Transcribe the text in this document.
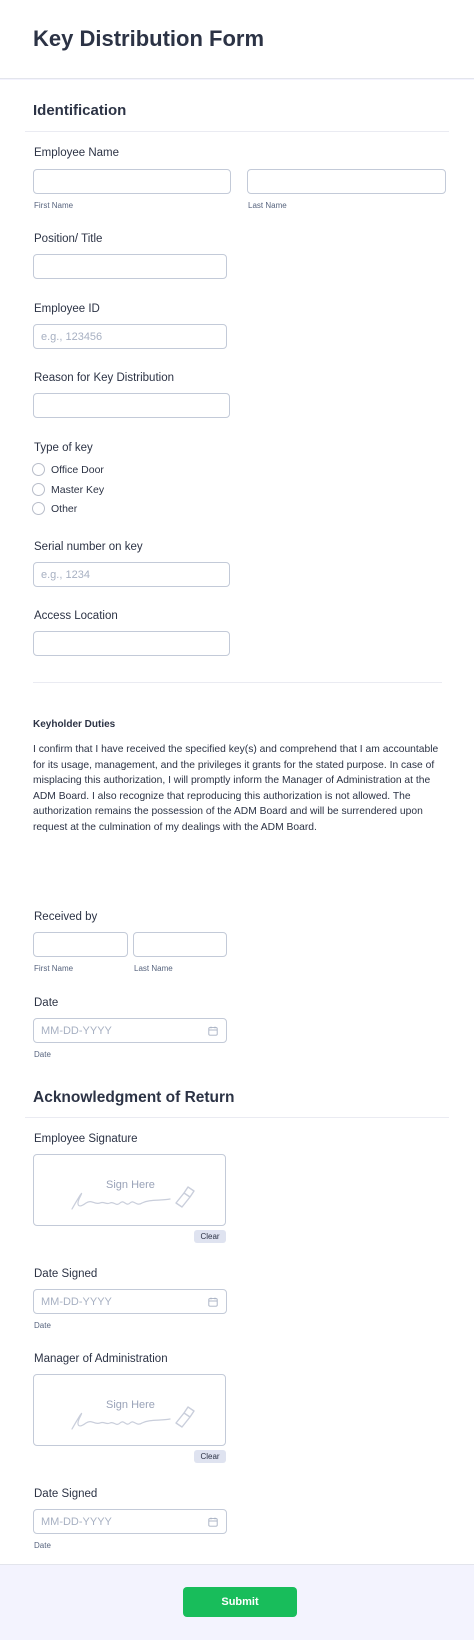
Key Distribution Form
Identification
Employee Name
First Name	Last Name
Position/ Title
Employee ID
e.g., 123456
Reason for Key Distribution
Type of key
Office Door
Master Key
Other
Serial number on key
e.g., 1234
Access Location
Keyholder Duties
I confirm that I have received the specified key(s) and comprehend that I am accountable for its usage, management, and the privileges it grants for the stated purpose. In case of misplacing this authorization, I will promptly inform the Manager of Administration at the ADM Board. I also recognize that reproducing this authorization is not allowed. The authorization remains the possession of the ADM Board and will be surrendered upon request at the culmination of my dealings with the ADM Board.
Received by
First Name	Last Name
Date
MM-DD-YYYY
Date
Acknowledgment of Return
Employee Signature
Sign Here
Clear
Date Signed
MM-DD-YYYY
Date
Manager of Administration
Sign Here
Clear
Date Signed
MM-DD-YYYY
Date
Submit
